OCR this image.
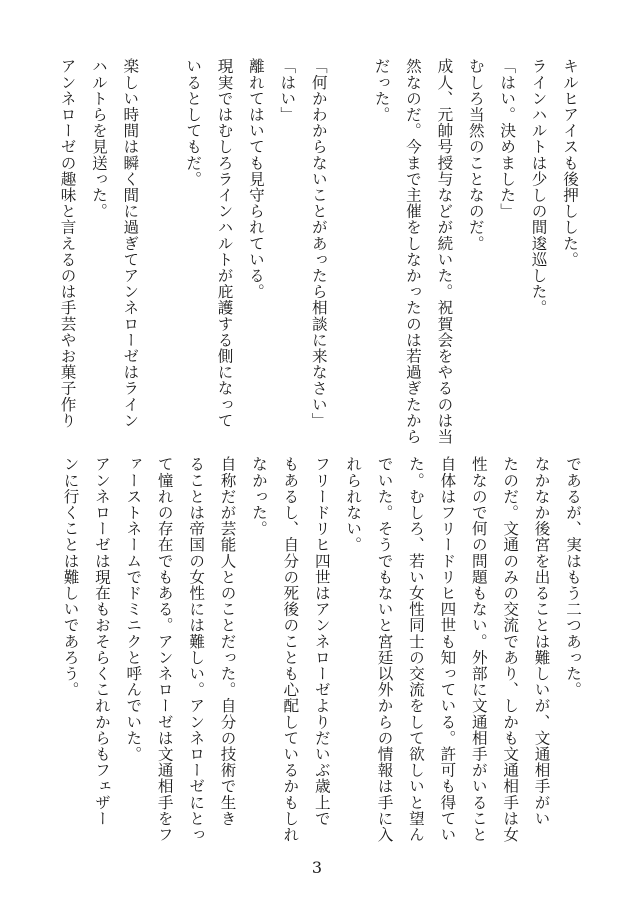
キルヒアイスも後押しした。
ラインハルトは少しの間逡巡した。
「はい。決めました」
むしろ当然のことなのだ。
成人、元帥号授与などが続いた。祝賀会をやるのは当
然なのだ。今まで主催をしなかったのは若過ぎたから
だった。
「何かわからないことがあったら相談に来なさい」
「はい」
離れてはいても見守られている。
現実ではむしろラインハルトが庇護する側になって
いるとしてもだ。
楽しい時間は瞬く間に過ぎてアンネローゼはライン
ハルトらを見送った。
アンネローゼの趣味と言えるのは手芸やお菓子作り
であるが、実はもう二つあった。
なかなか後宮を出ることは難しいが、文通相手がい
たのだ。文通のみの交流であり、しかも文通相手は女
性なので何の問題もない。外部に文通相手がいること
自体はフリードリヒ四世も知っている。許可も得てい
た。むしろ、若い女性同士の交流をして欲しいと望ん
でいた。そうでもないと宮廷以外からの情報は手に入
れられない。
フリードリヒ四世はアンネローゼよりだいぶ歳上で
もあるし、自分の死後のことも心配しているかもしれ
なかった。
自称だが芸能人とのことだった。自分の技術で生き
ることは帝国の女性には難しい。アンネローゼにとっ
て憧れの存在でもある。アンネローゼは文通相手をフ
ァーストネームでドミニクと呼んでいた。
アンネローゼは現在もおそらくこれからもフェザー
ンに行くことは難しいであろう。
3
